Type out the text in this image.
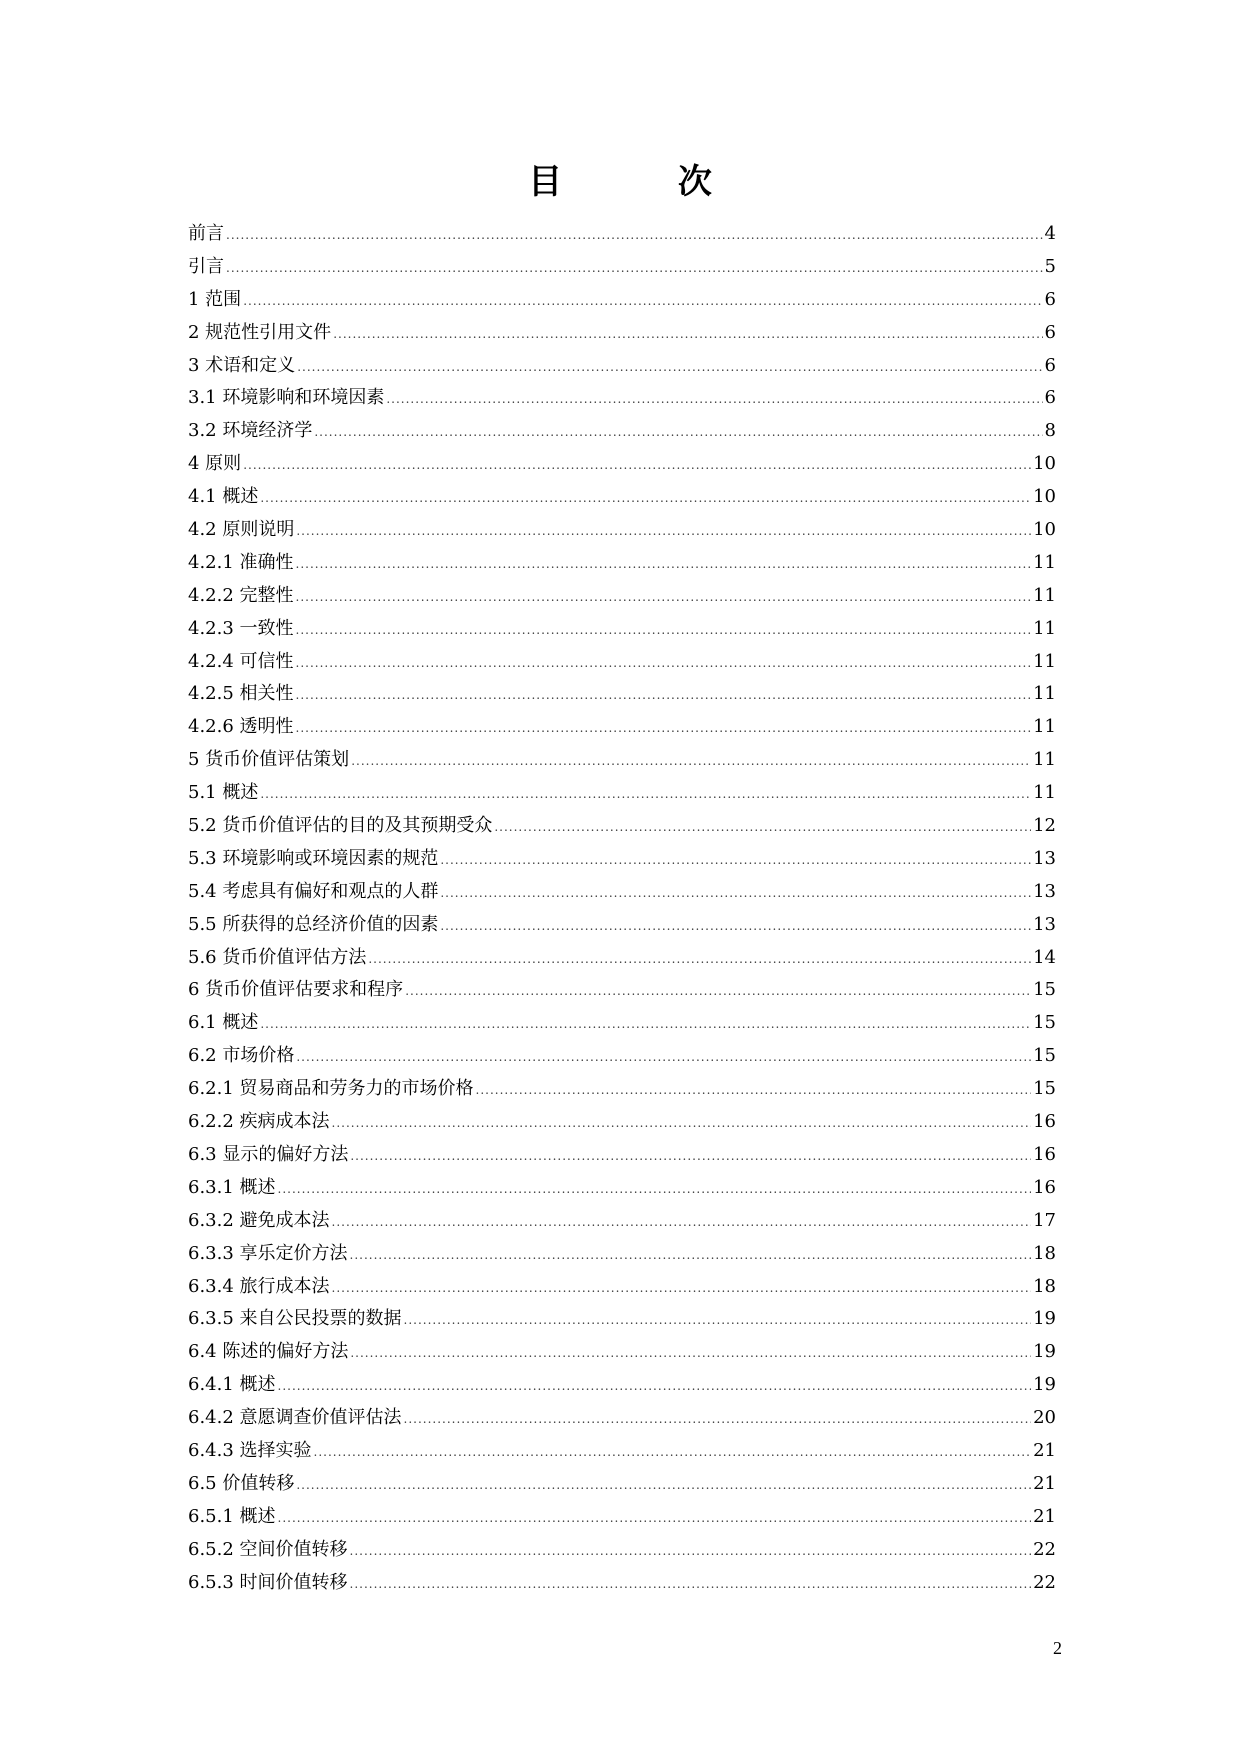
目 次
前言 .....	4
引言 .....	5
1 范围 .....	6
2 规范性引用文件 .....	6
3 术语和定义 .....	6
3.1 环境影响和环境因素 .....	6
3.2 环境经济学 .....	8
4 原则 .....	10
4.1 概述 .....	10
4.2 原则说明 .....	10
4.2.1 准确性 .....	11
4.2.2 完整性 .....	11
4.2.3 一致性 .....	11
4.2.4 可信性 .....	11
4.2.5 相关性 .....	11
4.2.6 透明性 .....	11
5 货币价值评估策划 .....	11
5.1 概述 .....	11
5.2 货币价值评估的目的及其预期受众 .....	12
5.3 环境影响或环境因素的规范 .....	13
5.4 考虑具有偏好和观点的人群 .....	13
5.5 所获得的总经济价值的因素 .....	13
5.6 货币价值评估方法 .....	14
6 货币价值评估要求和程序 .....	15
6.1 概述 .....	15
6.2 市场价格 .....	15
6.2.1 贸易商品和劳务力的市场价格 .....	15
6.2.2 疾病成本法 .....	16
6.3 显示的偏好方法 .....	16
6.3.1 概述 .....	16
6.3.2 避免成本法 .....	17
6.3.3 享乐定价方法 .....	18
6.3.4 旅行成本法 .....	18
6.3.5 来自公民投票的数据 .....	19
6.4 陈述的偏好方法 .....	19
6.4.1 概述 .....	19
6.4.2 意愿调查价值评估法 .....	20
6.4.3 选择实验 .....	21
6.5 价值转移 .....	21
6.5.1 概述 .....	21
6.5.2 空间价值转移 .....	22
6.5.3 时间价值转移 .....	22
2
